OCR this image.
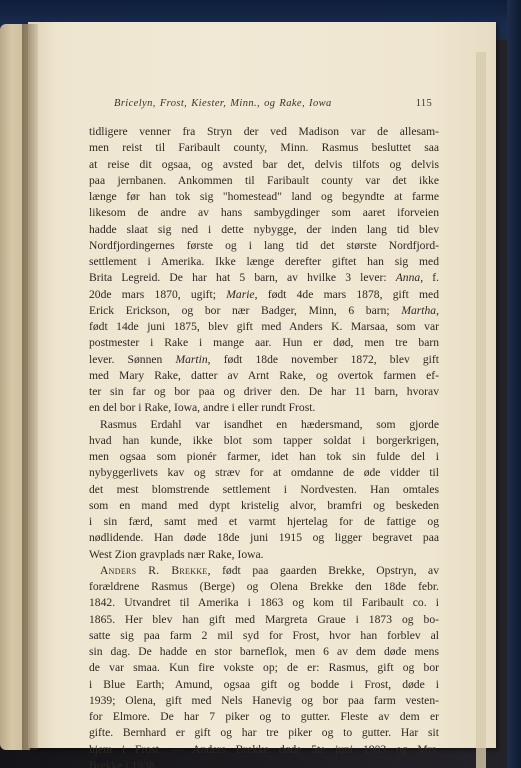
Bricelyn, Frost, Kiester, Minn., og Rake, Iowa	115
tidligere venner fra Stryn der ved Madison var de allesam-
men reist til Faribault county, Minn. Rasmus besluttet saa
at reise dit ogsaa, og avsted bar det, delvis tilfots og delvis
paa jernbanen. Ankommen til Faribault county var det ikke
længe før han tok sig "homestead" land og begyndte at farme
likesom de andre av hans sambygdinger som aaret iforveien
hadde slaat sig ned i dette nybygge, der inden lang tid blev
Nordfjordingernes første og i lang tid det største Nordfjord-
settlement i Amerika. Ikke længe derefter giftet han sig med
Brita Legreid. De har hat 5 barn, av hvilke 3 lever: Anna, f.
20de mars 1870, ugift; Marie, født 4de mars 1878, gift med
Erick Erickson, og bor nær Badger, Minn, 6 barn; Martha,
født 14de juni 1875, blev gift med Anders K. Marsaa, som var
postmester i Rake i mange aar. Hun er død, men tre barn
lever. Sønnen Martin, født 18de november 1872, blev gift
med Mary Rake, datter av Arnt Rake, og overtok farmen ef-
ter sin far og bor paa og driver den. De har 11 barn, hvorav
en del bor i Rake, Iowa, andre i eller rundt Frost.
Rasmus Erdahl var isandhet en hædersmand, som gjorde
hvad han kunde, ikke blot som tapper soldat i borgerkrigen,
men ogsaa som pionér farmer, idet han tok sin fulde del i
nybyggerlivets kav og stræv for at omdanne de øde vidder til
det mest blomstrende settlement i Nordvesten. Han omtales
som en mand med dypt kristelig alvor, bramfri og beskeden
i sin færd, samt med et varmt hjertelag for de fattige og
nødlidende. Han døde 18de juni 1915 og ligger begravet paa
West Zion gravplads nær Rake, Iowa.
Anders R. Brekke, født paa gaarden Brekke, Opstryn, av
forældrene Rasmus (Berge) og Olena Brekke den 18de febr.
1842. Utvandret til Amerika i 1863 og kom til Faribault co. i
1865. Her blev han gift med Margreta Graue i 1873 og bo-
satte sig paa farm 2 mil syd for Frost, hvor han forblev al
sin dag. De hadde en stor barneflok, men 6 av dem døde mens
de var smaa. Kun fire vokste op; de er: Rasmus, gift og bor
i Blue Earth; Amund, ogsaa gift og bodde i Frost, døde i
1939; Olena, gift med Nels Hanevig og bor paa farm vesten-
for Elmore. De har 7 piker og to gutter. Fleste av dem er
gifte. Bernhard er gift og har tre piker og to gutter. Har sit
hjem i Frost. — Anders Brekke døde 5te juni 1903 og Mrs.
Brekke i 1938.
